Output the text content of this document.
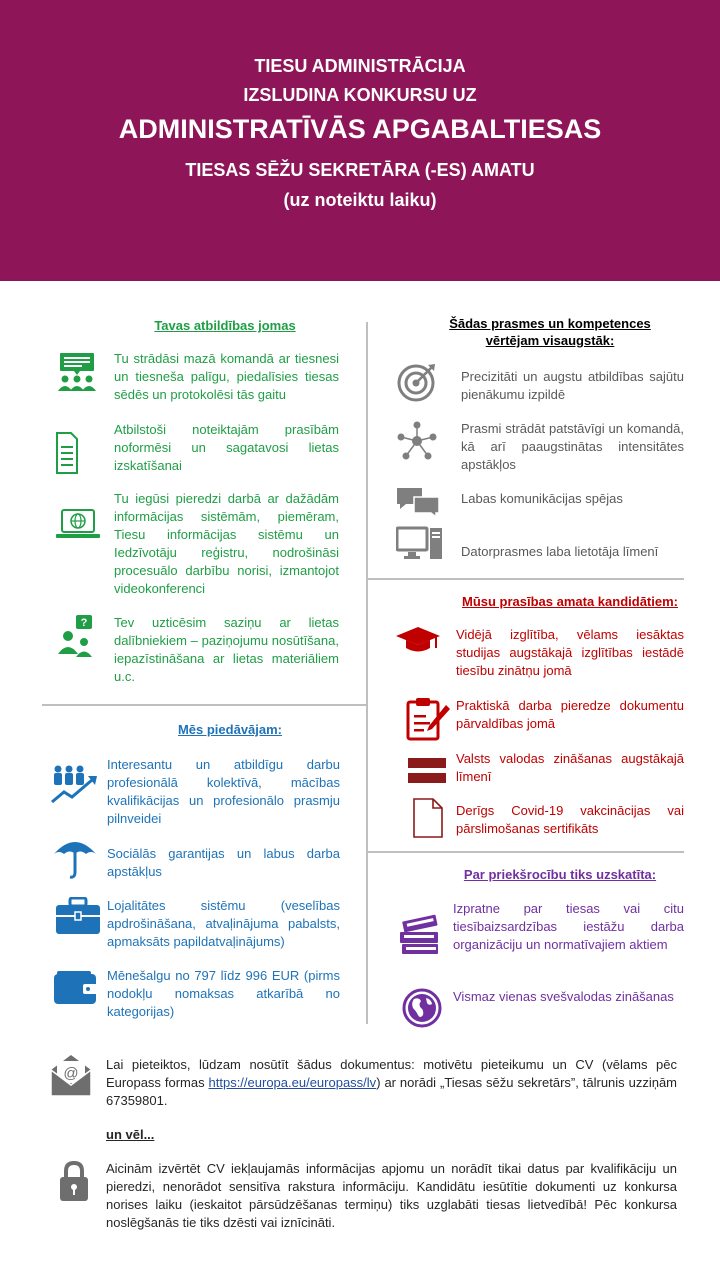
TIESU ADMINISTRĀCIJA
IZSLUDINA KONKURSU UZ
ADMINISTRATĪVĀS APGABALTIESAS
TIESAS SĒŽU SEKRETĀRA (-ES) AMATU
(uz noteiktu laiku)
Tavas atbildības jomas
Tu strādāsi mazā komandā ar tiesnesi un tiesneša palīgu, piedalīsies tiesas sēdēs un protokolēsi tās gaitu
Atbilstoši noteiktajām prasībām noformēsi un sagatavosi lietas izskatīšanai
Tu iegūsi pieredzi darbā ar dažādām informācijas sistēmām, piemēram, Tiesu informācijas sistēmu un Iedzīvotāju reģistru, nodrošināsi procesuālo darbību norisi, izmantojot videokonferenci
? Tev uzticēsim saziņu ar lietas dalībniekiem – paziņojumu nosūtīšana, iepazīstināšana ar lietas materiāliem u.c.
Šādas prasmes un kompetences
vērtējam visaugstāk:
Precizitāti un augstu atbildības sajūtu pienākumu izpildē
Prasmi strādāt patstāvīgi un komandā, kā arī paaugstinātas intensitātes apstākļos
Labas komunikācijas spējas
Datorprasmes laba lietotāja līmenī
Mūsu prasības amata kandidātiem:
Vidējā izglītība, vēlams iesāktas studijas augstākajā izglītības iestādē tiesību zinātņu jomā
Praktiskā darba pieredze dokumentu pārvaldības jomā
Valsts valodas zināšanas augstākajā līmenī
Derīgs Covid-19 vakcinācijas vai pārslimošanas sertifikāts
Mēs piedāvājam:
Interesantu un atbildīgu darbu profesionālā kolektīvā, mācības kvalifikācijas un profesionālo prasmju pilnveidei
Sociālās garantijas un labus darba apstākļus
Lojalitātes sistēmu (veselības apdrošināšana, atvaļinājuma pabalsts, apmaksāts papildatvaļinājums)
Mēnešalgu no 797 līdz 996 EUR (pirms nodokļu nomaksas atkarībā no kategorijas)
Par priekšrocību tiks uzskatīta:
Izpratne par tiesas vai citu tiesībaizsardzības iestāžu darba organizāciju un normatīvajiem aktiem
Vismaz vienas svešvalodas zināšanas
@
Lai pieteiktos, lūdzam nosūtīt šādus dokumentus: motivētu pieteikumu un CV (vēlams pēc Europass formas https://europa.eu/europass/lv) ar norādi „Tiesas sēžu sekretārs”, tālrunis uzziņām 67359801.
un vēl...
Aicinām izvērtēt CV iekļaujamās informācijas apjomu un norādīt tikai datus par kvalifikāciju un pieredzi, nenorādot sensitīva rakstura informāciju. Kandidātu iesūtītie dokumenti uz konkursa norises laiku (ieskaitot pārsūdzēšanas termiņu) tiks uzglabāti tiesas lietvedībā! Pēc konkursa noslēgšanās tie tiks dzēsti vai iznīcināti.
